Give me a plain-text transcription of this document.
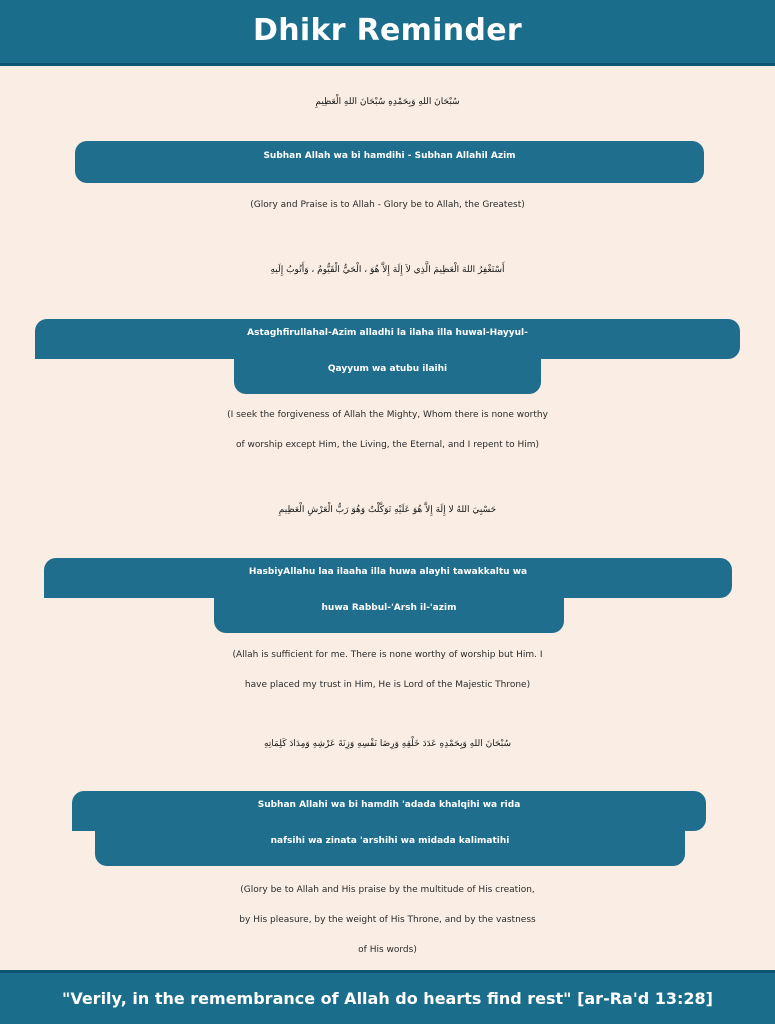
Dhikr Reminder
سُبْحَانَ اللهِ وَبِحَمْدِهِ سُبْحَانَ اللهِ الْعَظِيمِ
Subhan Allah wa bi hamdihi - Subhan Allahil Azim
(Glory and Praise is to Allah - Glory be to Allah, the Greatest)
أَسْتَغْفِرُ اللهَ الْعَظِيمَ الَّذِي لاَ إِلَهَ إِلاَّ هُوَ ، الْحَيُّ الْقَيُّومُ ، وَأَتُوبُ إِلَيهِ
Astaghfirullahal-Azim alladhi la ilaha illa huwal-Hayyul-
Qayyum wa atubu ilaihi
(I seek the forgiveness of Allah the Mighty, Whom there is none worthy
of worship except Him, the Living, the Eternal, and I repent to Him)
حَسْبِيَ اللهُ لا إِلَهَ إِلاَّ هُوَ عَلَيْهِ تَوَكَّلْتُ وَهُوَ رَبُّ الْعَرْشِ الْعَظِيمِ
HasbiyAllahu laa ilaaha illa huwa alayhi tawakkaltu wa
huwa Rabbul-'Arsh il-'azim
(Allah is sufficient for me. There is none worthy of worship but Him. I
have placed my trust in Him, He is Lord of the Majestic Throne)
سُبْحَانَ اللهِ وَبِحَمْدِهِ عَدَدَ خَلْقِهِ وَرِضَا نَفْسِهِ وَزِنَةَ عَرْشِهِ وَمِدَادَ كَلِمَاتِهِ
Subhan Allahi wa bi hamdih 'adada khalqihi wa rida
nafsihi wa zinata 'arshihi wa midada kalimatihi
(Glory be to Allah and His praise by the multitude of His creation,
by His pleasure, by the weight of His Throne, and by the vastness
of His words)
"Verily, in the remembrance of Allah do hearts find rest" [ar-Ra'd 13:28]
